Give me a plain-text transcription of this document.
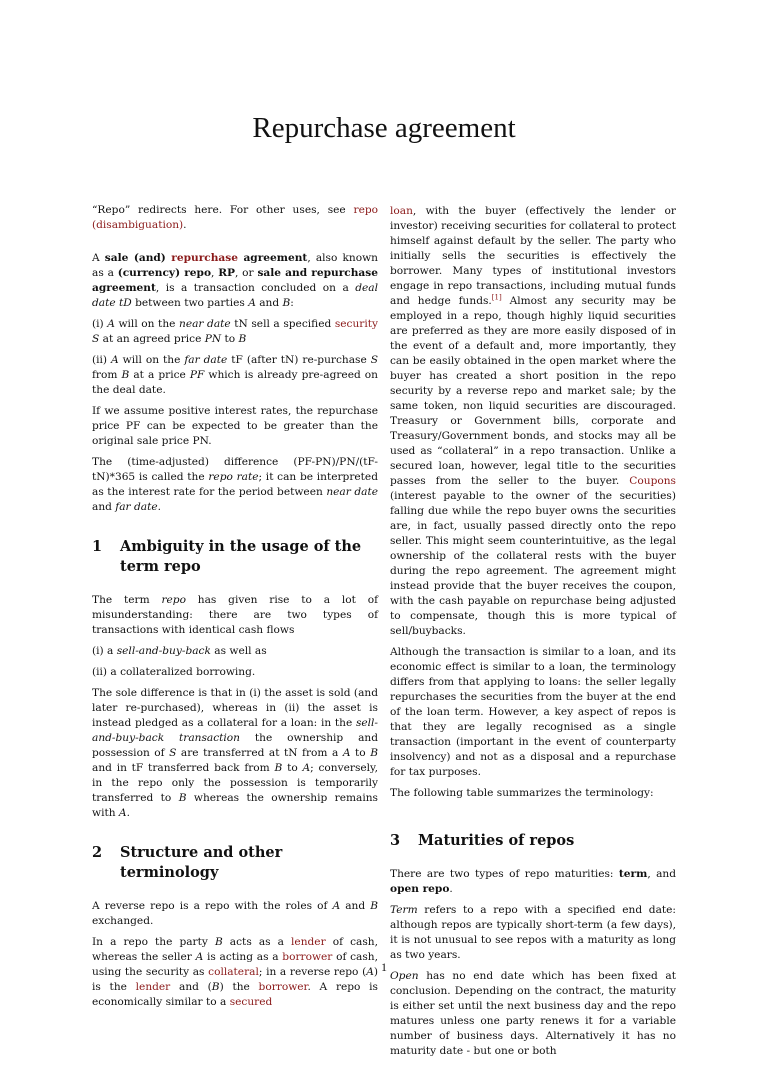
Repurchase agreement

“Repo” redirects here. For other uses, see repo (disambiguation).

A sale (and) repurchase agreement, also known as a (currency) repo, RP, or sale and repurchase agreement, is a transaction concluded on a deal date tD between two parties A and B:

(i) A will on the near date tN sell a specified security S at an agreed price PN to B

(ii) A will on the far date tF (after tN) re-purchase S from B at a price PF which is already pre-agreed on the deal date.

If we assume positive interest rates, the repurchase price PF can be expected to be greater than the original sale price PN.

The (time-adjusted) difference (PF-PN)/PN/(tF-tN)*365 is called the repo rate; it can be interpreted as the interest rate for the period between near date and far date.

1	Ambiguity in the usage of the term repo

The term repo has given rise to a lot of misunderstanding: there are two types of transactions with identical cash flows

(i) a sell-and-buy-back as well as

(ii) a collateralized borrowing.

The sole difference is that in (i) the asset is sold (and later re-purchased), whereas in (ii) the asset is instead pledged as a collateral for a loan: in the sell-and-buy-back transaction the ownership and possession of S are transferred at tN from a A to B and in tF transferred back from B to A; conversely, in the repo only the possession is temporarily transferred to B whereas the ownership remains with A.

2	Structure and other terminology

A reverse repo is a repo with the roles of A and B exchanged.

In a repo the party B acts as a lender of cash, whereas the seller A is acting as a borrower of cash, using the security as collateral; in a reverse repo (A) is the lender and (B) the borrower. A repo is economically similar to a secured

loan, with the buyer (effectively the lender or investor) receiving securities for collateral to protect himself against default by the seller. The party who initially sells the securities is effectively the borrower. Many types of institutional investors engage in repo transactions, including mutual funds and hedge funds.[1] Almost any security may be employed in a repo, though highly liquid securities are preferred as they are more easily disposed of in the event of a default and, more importantly, they can be easily obtained in the open market where the buyer has created a short position in the repo security by a reverse repo and market sale; by the same token, non liquid securities are discouraged. Treasury or Government bills, corporate and Treasury/Government bonds, and stocks may all be used as “collateral” in a repo transaction. Unlike a secured loan, however, legal title to the securities passes from the seller to the buyer. Coupons (interest payable to the owner of the securities) falling due while the repo buyer owns the securities are, in fact, usually passed directly onto the repo seller. This might seem counterintuitive, as the legal ownership of the collateral rests with the buyer during the repo agreement. The agreement might instead provide that the buyer receives the coupon, with the cash payable on repurchase being adjusted to compensate, though this is more typical of sell/buybacks.

Although the transaction is similar to a loan, and its economic effect is similar to a loan, the terminology differs from that applying to loans: the seller legally repurchases the securities from the buyer at the end of the loan term. However, a key aspect of repos is that they are legally recognised as a single transaction (important in the event of counterparty insolvency) and not as a disposal and a repurchase for tax purposes.

The following table summarizes the terminology:

3	Maturities of repos

There are two types of repo maturities: term, and open repo.

Term refers to a repo with a specified end date: although repos are typically short-term (a few days), it is not unusual to see repos with a maturity as long as two years.

Open has no end date which has been fixed at conclusion. Depending on the contract, the maturity is either set until the next business day and the repo matures unless one party renews it for a variable number of business days. Alternatively it has no maturity date - but one or both

1
